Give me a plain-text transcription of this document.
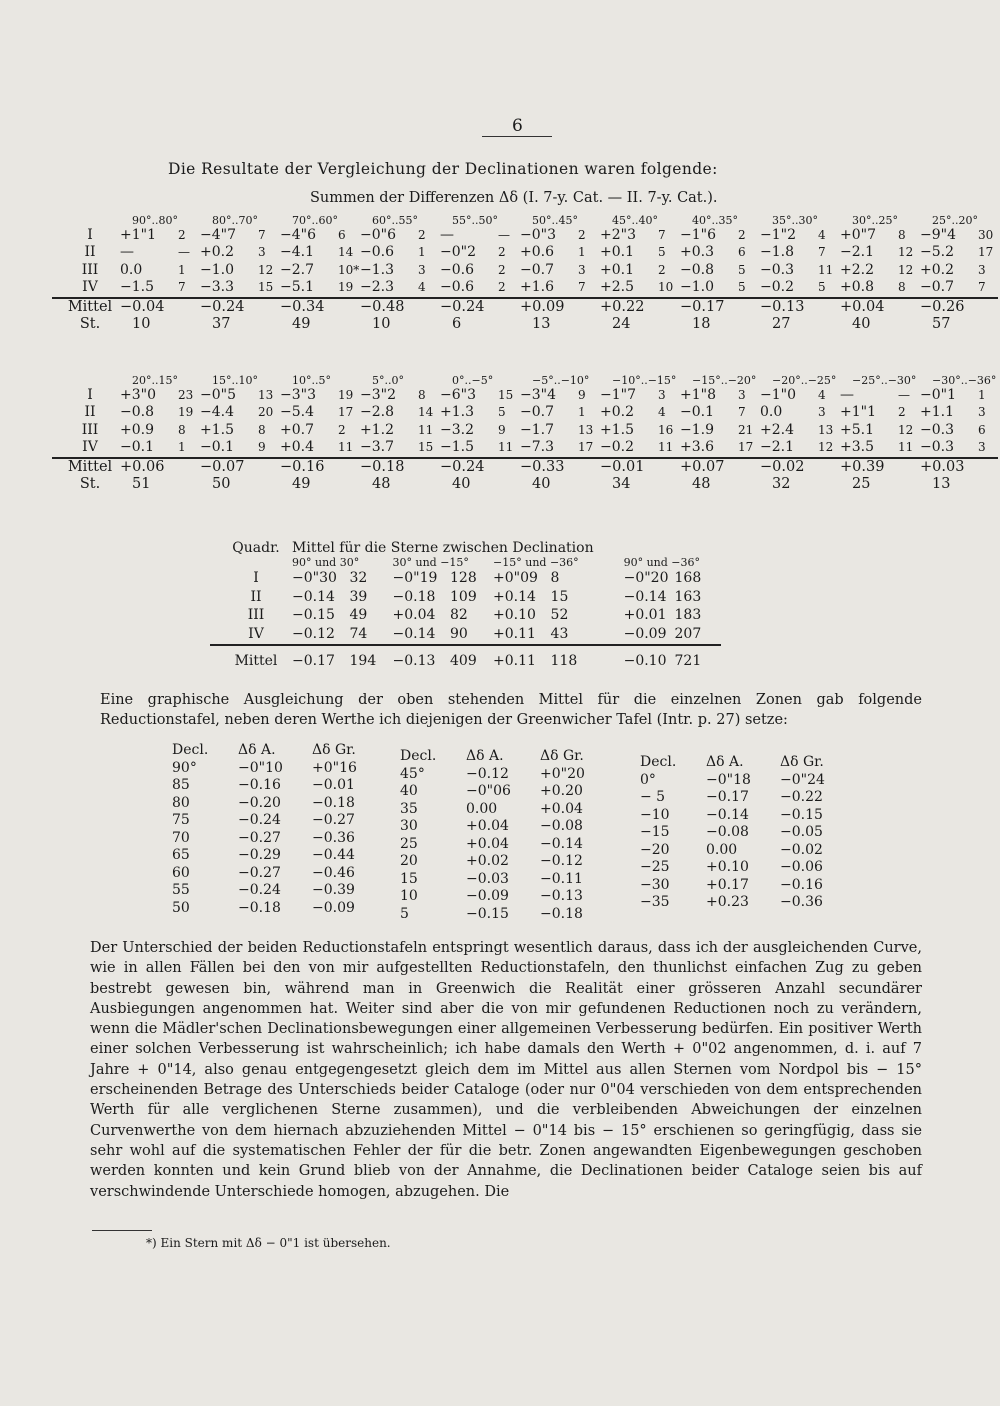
6
Die Resultate der Vergleichung der Declinationen waren folgende:
Summen der Differenzen Δδ (I. 7-y. Cat. — II. 7-y. Cat.).
	90°..80°		80°..70°		70°..60°		60°..55°		55°..50°		50°..45°		45°..40°		40°..35°		35°..30°		30°..25°		25°..20°	
I	+1"1	2	−4"7	7	−4"6	6	−0"6	2	—	—	−0"3	2	+2"3	7	−1"6	2	−1"2	4	+0"7	8	−9"4	30
II	—	—	+0.2	3	−4.1	14	−0.6	1	−0"2	2	+0.6	1	+0.1	5	+0.3	6	−1.8	7	−2.1	12	−5.2	17
III	0.0	1	−1.0	12	−2.7	10*	−1.3	3	−0.6	2	−0.7	3	+0.1	2	−0.8	5	−0.3	11	+2.2	12	+0.2	3
IV	−1.5	7	−3.3	15	−5.1	19	−2.3	4	−0.6	2	+1.6	7	+2.5	10	−1.0	5	−0.2	5	+0.8	8	−0.7	7
Mittel	−0.04		−0.24		−0.34		−0.48		−0.24		+0.09		+0.22		−0.17		−0.13		+0.04		−0.26	
St.	10		37		49		10		6		13		24		18		27		40		57	
	20°..15°		15°..10°		10°..5°		5°..0°		0°..−5°		−5°..−10°		−10°..−15°		−15°..−20°		−20°..−25°		−25°..−30°		−30°..−36°	
I	+3"0	23	−0"5	13	−3"3	19	−3"2	8	−6"3	15	−3"4	9	−1"7	3	+1"8	3	−1"0	4	—	—	−0"1	1
II	−0.8	19	−4.4	20	−5.4	17	−2.8	14	+1.3	5	−0.7	1	+0.2	4	−0.1	7	0.0	3	+1"1	2	+1.1	3
III	+0.9	8	+1.5	8	+0.7	2	+1.2	11	−3.2	9	−1.7	13	+1.5	16	−1.9	21	+2.4	13	+5.1	12	−0.3	6
IV	−0.1	1	−0.1	9	+0.4	11	−3.7	15	−1.5	11	−7.3	17	−0.2	11	+3.6	17	−2.1	12	+3.5	11	−0.3	3
Mittel	+0.06		−0.07		−0.16		−0.18		−0.24		−0.33		−0.01		+0.07		−0.02		+0.39		+0.03	
St.	51		50		49		48		40		40		34		48		32		25		13	
Quadr.	Mittel für die Sterne zwischen Declination							
	90° und 30°		30° und −15°		−15° und −36°		90° und −36°	
I	−0"30	32	−0"19	128	+0"09	8	−0"20	168
II	−0.14	39	−0.18	109	+0.14	15	−0.14	163
III	−0.15	49	+0.04	82	+0.10	52	+0.01	183
IV	−0.12	74	−0.14	90	+0.11	43	−0.09	207
Mittel	−0.17	194	−0.13	409	+0.11	118	−0.10	721

Eine graphische Ausgleichung der oben stehenden Mittel für die einzelnen Zonen gab folgende Reductionstafel, neben deren Werthe ich diejenigen der Greenwicher Tafel (Intr. p. 27) setze:

Decl.	Δδ A.	Δδ Gr.
90°	−0"10	+0"16
85	−0.16	−0.01
80	−0.20	−0.18
75	−0.24	−0.27
70	−0.27	−0.36
65	−0.29	−0.44
60	−0.27	−0.46
55	−0.24	−0.39
50	−0.18	−0.09
Decl.	Δδ A.	Δδ Gr.
45°	−0.12	+0"20
40	−0"06	+0.20
35	0.00	+0.04
30	+0.04	−0.08
25	+0.04	−0.14
20	+0.02	−0.12
15	−0.03	−0.11
10	−0.09	−0.13
5	−0.15	−0.18
Decl.	Δδ A.	Δδ Gr.
0°	−0"18	−0"24
− 5	−0.17	−0.22
−10	−0.14	−0.15
−15	−0.08	−0.05
−20	0.00	−0.02
−25	+0.10	−0.06
−30	+0.17	−0.16
−35	+0.23	−0.36

Der Unterschied der beiden Reductionstafeln entspringt wesentlich daraus, dass ich der ausgleichenden Curve, wie in allen Fällen bei den von mir aufgestellten Reductionstafeln, den thunlichst einfachen Zug zu geben bestrebt gewesen bin, während man in Greenwich die Realität einer grösseren Anzahl secundärer Ausbiegungen angenommen hat. Weiter sind aber die von mir gefundenen Reductionen noch zu verändern, wenn die Mädler'schen Declinationsbewegungen einer allgemeinen Verbesserung bedürfen. Ein positiver Werth einer solchen Verbesserung ist wahrscheinlich; ich habe damals den Werth + 0"02 angenommen, d. i. auf 7 Jahre + 0"14, also genau entgegengesetzt gleich dem im Mittel aus allen Sternen vom Nordpol bis − 15° erscheinenden Betrage des Unterschieds beider Cataloge (oder nur 0"04 verschieden von dem entsprechenden Werth für alle verglichenen Sterne zusammen), und die verbleibenden Abweichungen der einzelnen Curvenwerthe von dem hiernach abzuziehenden Mittel − 0"14 bis − 15° erschienen so geringfügig, dass sie sehr wohl auf die systematischen Fehler der für die betr. Zonen angewandten Eigenbewegungen geschoben werden konnten und kein Grund blieb von der Annahme, die Declinationen beider Cataloge seien bis auf verschwindende Unterschiede homogen, abzugehen. Die

*) Ein Stern mit Δδ − 0"1 ist übersehen.
